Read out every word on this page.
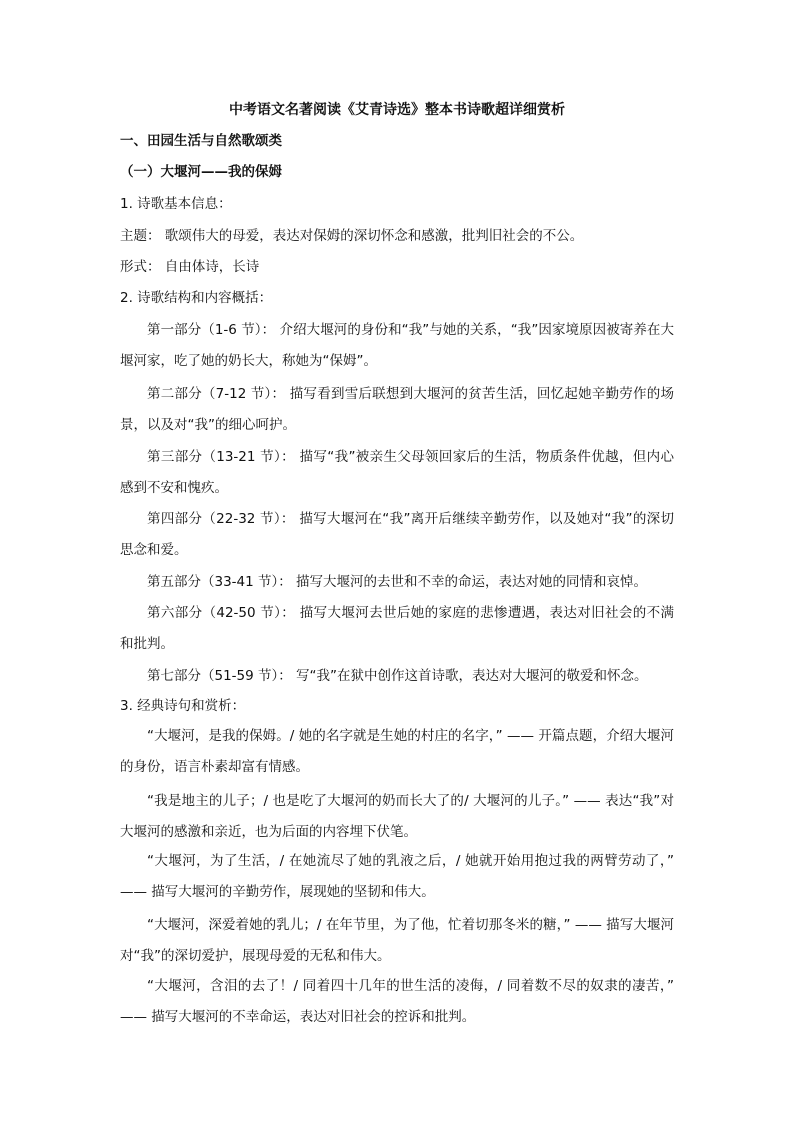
中考语文名著阅读《艾青诗选》整本书诗歌超详细赏析
一、田园生活与自然歌颂类
（一）大堰河——我的保姆
1. 诗歌基本信息：
主题： 歌颂伟大的母爱，表达对保姆的深切怀念和感激，批判旧社会的不公。
形式： 自由体诗，长诗
2. 诗歌结构和内容概括：
第一部分（1-6 节）： 介绍大堰河的身份和“我”与她的关系，“我”因家境原因被寄养在大堰河家，吃了她的奶长大，称她为“保姆”。
第二部分（7-12 节）： 描写看到雪后联想到大堰河的贫苦生活，回忆起她辛勤劳作的场景，以及对“我”的细心呵护。
第三部分（13-21 节）： 描写“我”被亲生父母领回家后的生活，物质条件优越，但内心感到不安和愧疚。
第四部分（22-32 节）： 描写大堰河在“我”离开后继续辛勤劳作，以及她对“我”的深切思念和爱。
第五部分（33-41 节）： 描写大堰河的去世和不幸的命运，表达对她的同情和哀悼。
第六部分（42-50 节）： 描写大堰河去世后她的家庭的悲惨遭遇，表达对旧社会的不满和批判。
第七部分（51-59 节）： 写“我”在狱中创作这首诗歌，表达对大堰河的敬爱和怀念。
3. 经典诗句和赏析：
“大堰河，是我的保姆。/ 她的名字就是生她的村庄的名字，” —— 开篇点题，介绍大堰河的身份，语言朴素却富有情感。
“我是地主的儿子；/ 也是吃了大堰河的奶而长大了的/ 大堰河的儿子。” —— 表达“我”对大堰河的感激和亲近，也为后面的内容埋下伏笔。
“大堰河，为了生活，/ 在她流尽了她的乳液之后，/ 她就开始用抱过我的两臂劳动了，” —— 描写大堰河的辛勤劳作，展现她的坚韧和伟大。
“大堰河，深爱着她的乳儿；/ 在年节里，为了他，忙着切那冬米的糖，” —— 描写大堰河对“我”的深切爱护，展现母爱的无私和伟大。
“大堰河，含泪的去了！/ 同着四十几年的世生活的凌侮，/ 同着数不尽的奴隶的凄苦，” —— 描写大堰河的不幸命运，表达对旧社会的控诉和批判。
